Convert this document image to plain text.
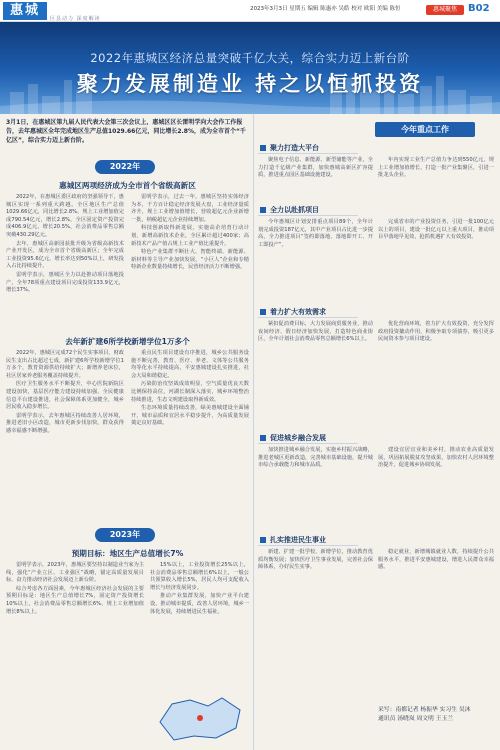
惠城	2023年3月3日 星期五 编辑 陈惠亦 吴皓 校对 欧阳 美编 陈恒	惠城聚焦	B02
区县动力 深度解读
2022年惠城区经济总量突破千亿大关，综合实力迈上新台阶
聚力发展制造业 持之以恒抓投资

3月1日，在惠城区第九届人民代表大会第三次会议上，惠城区区长雷明学向大会作工作报告，去年惠城区全年完成地区生产总值1029.66亿元，同比增长2.8%，成为全市首个“千亿区”，综合实力迈上新台阶。

2022年
惠城区两项经济成为全市首个省级高新区

2022年，在惠城区委区政府的坚强领导下，惠城区实现一系列重大跨越。全区地区生产总值1029.66亿元，同比增长2.8%，规上工业增加值完成790.54亿元，增长2.8%，全区固定资产投资完成406.9亿元，增长20.5%，社会消费品零售总额突破430.29亿元。

去年，惠城区高新园获批升级为省级高新技术产业开发区，成为全市首个省级高新区；全年完成工业投资95.6亿元，增长率达到50%以上，研发投入占比持续提升。

雷明学表示，惠城区全力以赴推动项目落地投产，全年78项重点建设项目完成投资133.9亿元，增长37%。

雷明学表示，过去一年，惠城区坚持实体经济为本，千方百计稳定经济发展大盘，工业经济量质齐升，规上工业增加值增长，营收超亿元企业新增一批，纳税超亿元企业持续增加。

科技创新取得新进展，实施高企培育行动计划，新增高新技术企业，全区累计超过400家；高新技术产品产值占规上工业产值比重提升。

特色产业集群不断壮大，智能终端、新能源、新材料等主导产业加快发展，“小巨人”企业和专精特新企业数量持续增长，民营经济活力不断增强。

去年新扩建6所学校新增学位1万多个

2022年，惠城区完成72个民生实事项目，财政民生支出占比超过七成，新扩建6所学校新增学位1万多个，教育资源供给持续扩大；新增养老床位，社区居家养老服务覆盖持续提升。

医疗卫生服务水平不断提升，中心医院新院区建设加快，基层医疗能力建设持续加强，全民健康信息平台建设推进，社会保障体系更加健全，城乡居民收入稳步增长。

雷明学表示，去年惠城区持续改善人居环境，推进老旧小区改造，城市更新步伐加快，群众获得感幸福感不断增强。

重点民生项目建设有序推进，城乡公共服务设施不断完善，教育、医疗、养老、文体等公共服务均等化水平持续提高，平安惠城建设扎实推进，社会大局和谐稳定。

污染防治攻坚战成效明显，空气质量优良天数比例保持高位，河湖长制深入落实，城乡环境整治持续推进，生态文明建设取得新成效。

生态环境质量持续改善，绿美惠城建设全面铺开，城市品质和宜居水平稳步提升，为高质量发展奠定良好基础。

2023年
预期目标：地区生产总值增长7%

雷明学表示，2023年，惠城区要坚持以制造业当家为主线，强化“产业立区、工业强区”战略，锚定高质量发展目标，奋力推动经济社会发展迈上新台阶。

综合考虑各方面因素，今年惠城区经济社会发展的主要预期目标是：地区生产总值增长7%，固定资产投资增长10%以上，社会消费品零售总额增长6%，规上工业增加值增长8%以上。

15%以上，工业投资增长25%以上，社会消费品零售总额增长6%以上，一般公共预算收入增长5%，居民人均可支配收入增长与经济发展同步。

推动产业集群发展，加快产业平台建设，推动城市提质，改善人居环境，城乡一体化发展，持续增进民生福祉。

今年重点工作
聚力打造大平台

聚焦电子信息、新能源、新型储能等产业，全力打造千亿级产业集群，加快惠城高新区扩容提质，推进重点园区基础设施建设。

年内实现工业生产总值力争达到550亿元，规上工业增加值增长，打造一批产业集聚区，引进一批龙头企业。

全力以赴抓项目

今年惠城区计划安排重点项目89个，全年计划完成投资187亿元，其中产业项目占比进一步提高，全力推进项目“签约即落地、落地即开工、开工即投产”。

完成省市的产业投资任务，引进一批100亿元以上的项目，建设一批亿元以上重大项目，推动项目早落地早见效，抢抓机遇扩大有效投资。

着力扩大有效需求

紧扣促消费目标，大力发展商贸服务业，推动夜间经济、假日经济加快发展，打造特色商业街区，全年计划社会消费品零售总额增长6%以上。

优化营商环境，着力扩大有效投资，充分发挥政府投资撬动作用，积极争取专项债券，吸引更多民间资本参与项目建设。

促进城乡融合发展

加快推进城乡融合发展，实施乡村振兴战略，推进老城区更新改造，完善城市基础设施，提升城市综合承载能力和城市品质。

建设宜居宜业和美乡村，推动农业高质量发展，巩固拓展脱贫攻坚成果，加快农村人居环境整治提升，促进城乡协调发展。

扎实推进民生事业

新建、扩建一批学校，新增学位，推动教育优质均衡发展；加快医疗卫生事业发展，完善社会保障体系，办好民生实事。

稳定就业，新增城镇就业人数，持续提升公共服务水平，推进平安惠城建设，增进人民群众幸福感。

采写：南都记者 杨振华 实习生 吴沐
通讯员 汤晓岚 周文明 王玉兰
